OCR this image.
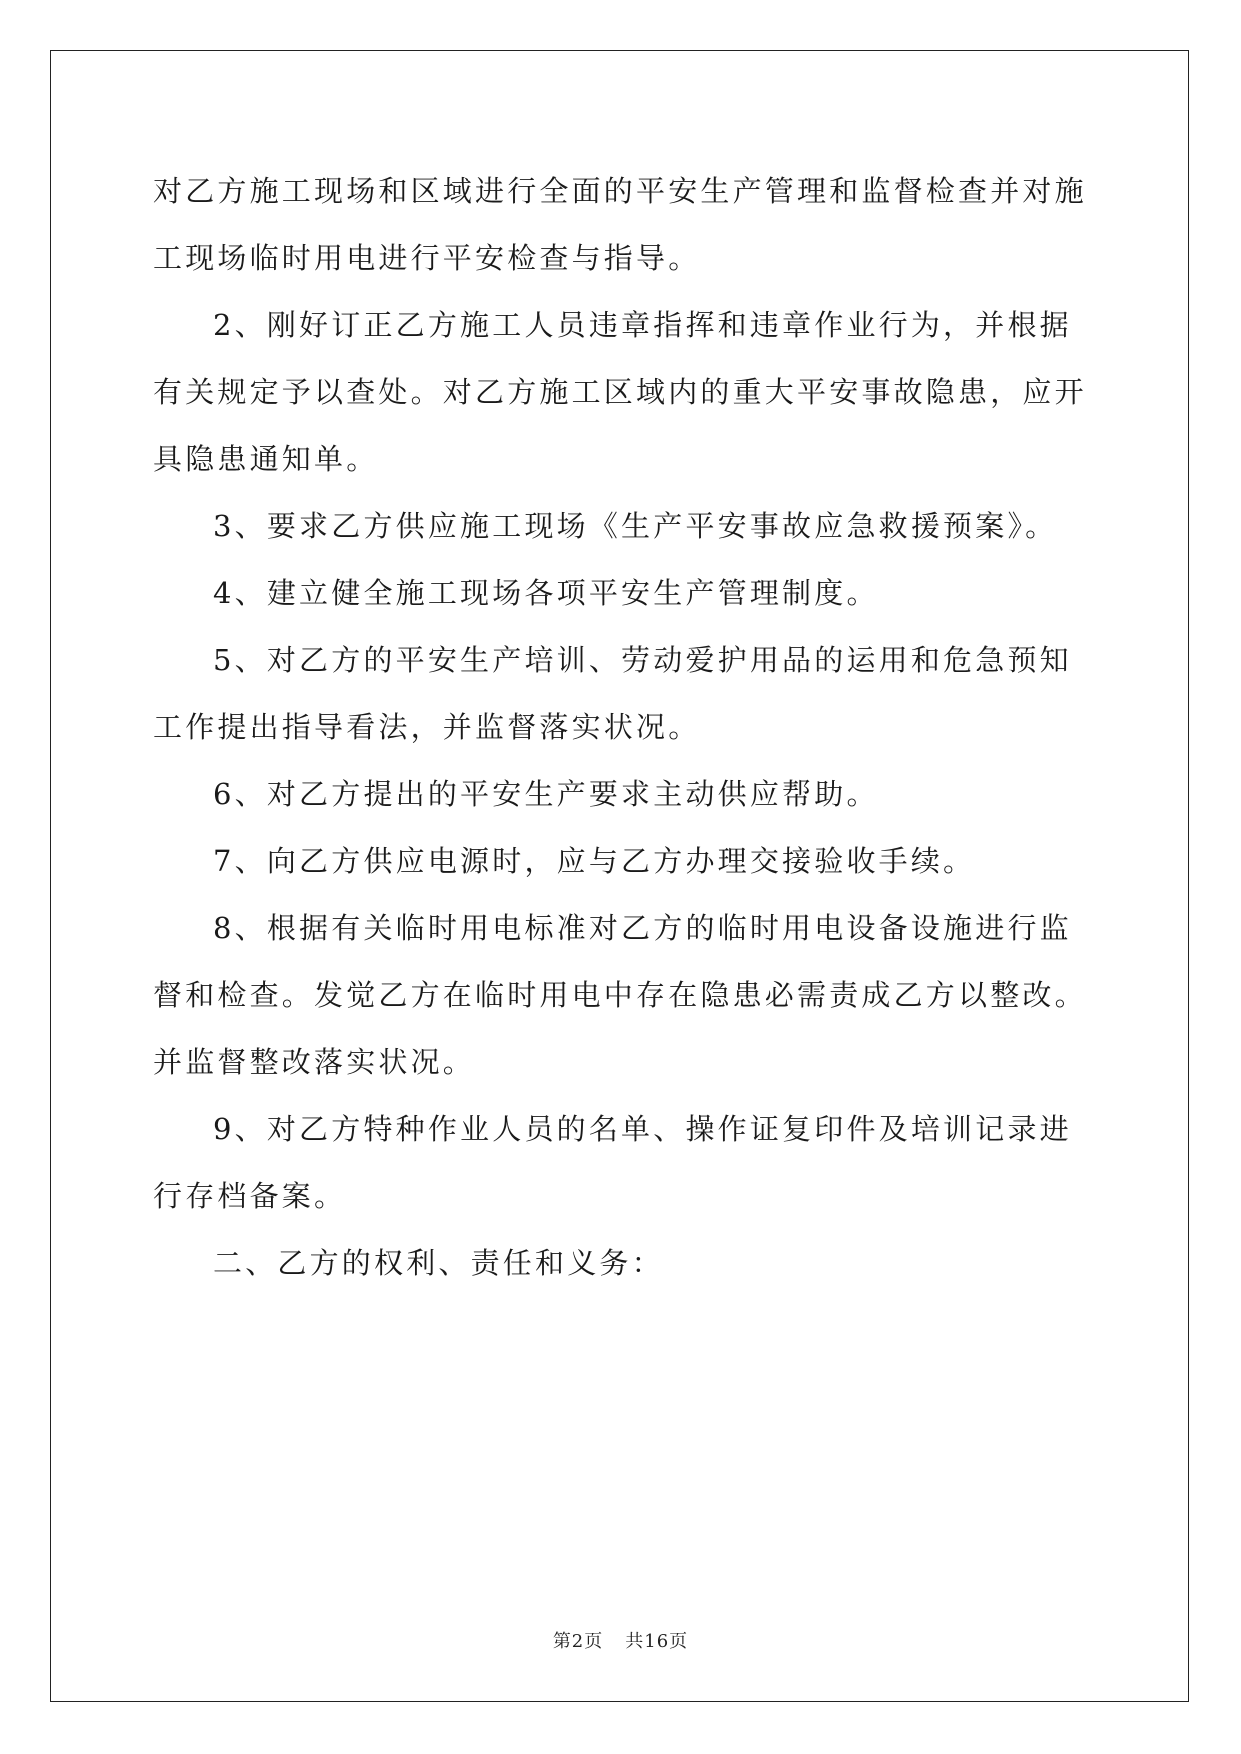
对乙方施工现场和区域进行全面的平安生产管理和监督检查并对施工现场临时用电进行平安检查与指导。

2、刚好订正乙方施工人员违章指挥和违章作业行为，并根据有关规定予以查处。对乙方施工区域内的重大平安事故隐患，应开具隐患通知单。

3、要求乙方供应施工现场《生产平安事故应急救援预案》。

4、建立健全施工现场各项平安生产管理制度。

5、对乙方的平安生产培训、劳动爱护用品的运用和危急预知工作提出指导看法，并监督落实状况。

6、对乙方提出的平安生产要求主动供应帮助。

7、向乙方供应电源时，应与乙方办理交接验收手续。

8、根据有关临时用电标准对乙方的临时用电设备设施进行监督和检查。发觉乙方在临时用电中存在隐患必需责成乙方以整改。并监督整改落实状况。

9、对乙方特种作业人员的名单、操作证复印件及培训记录进行存档备案。

二、乙方的权利、责任和义务：

第2页 共16页
